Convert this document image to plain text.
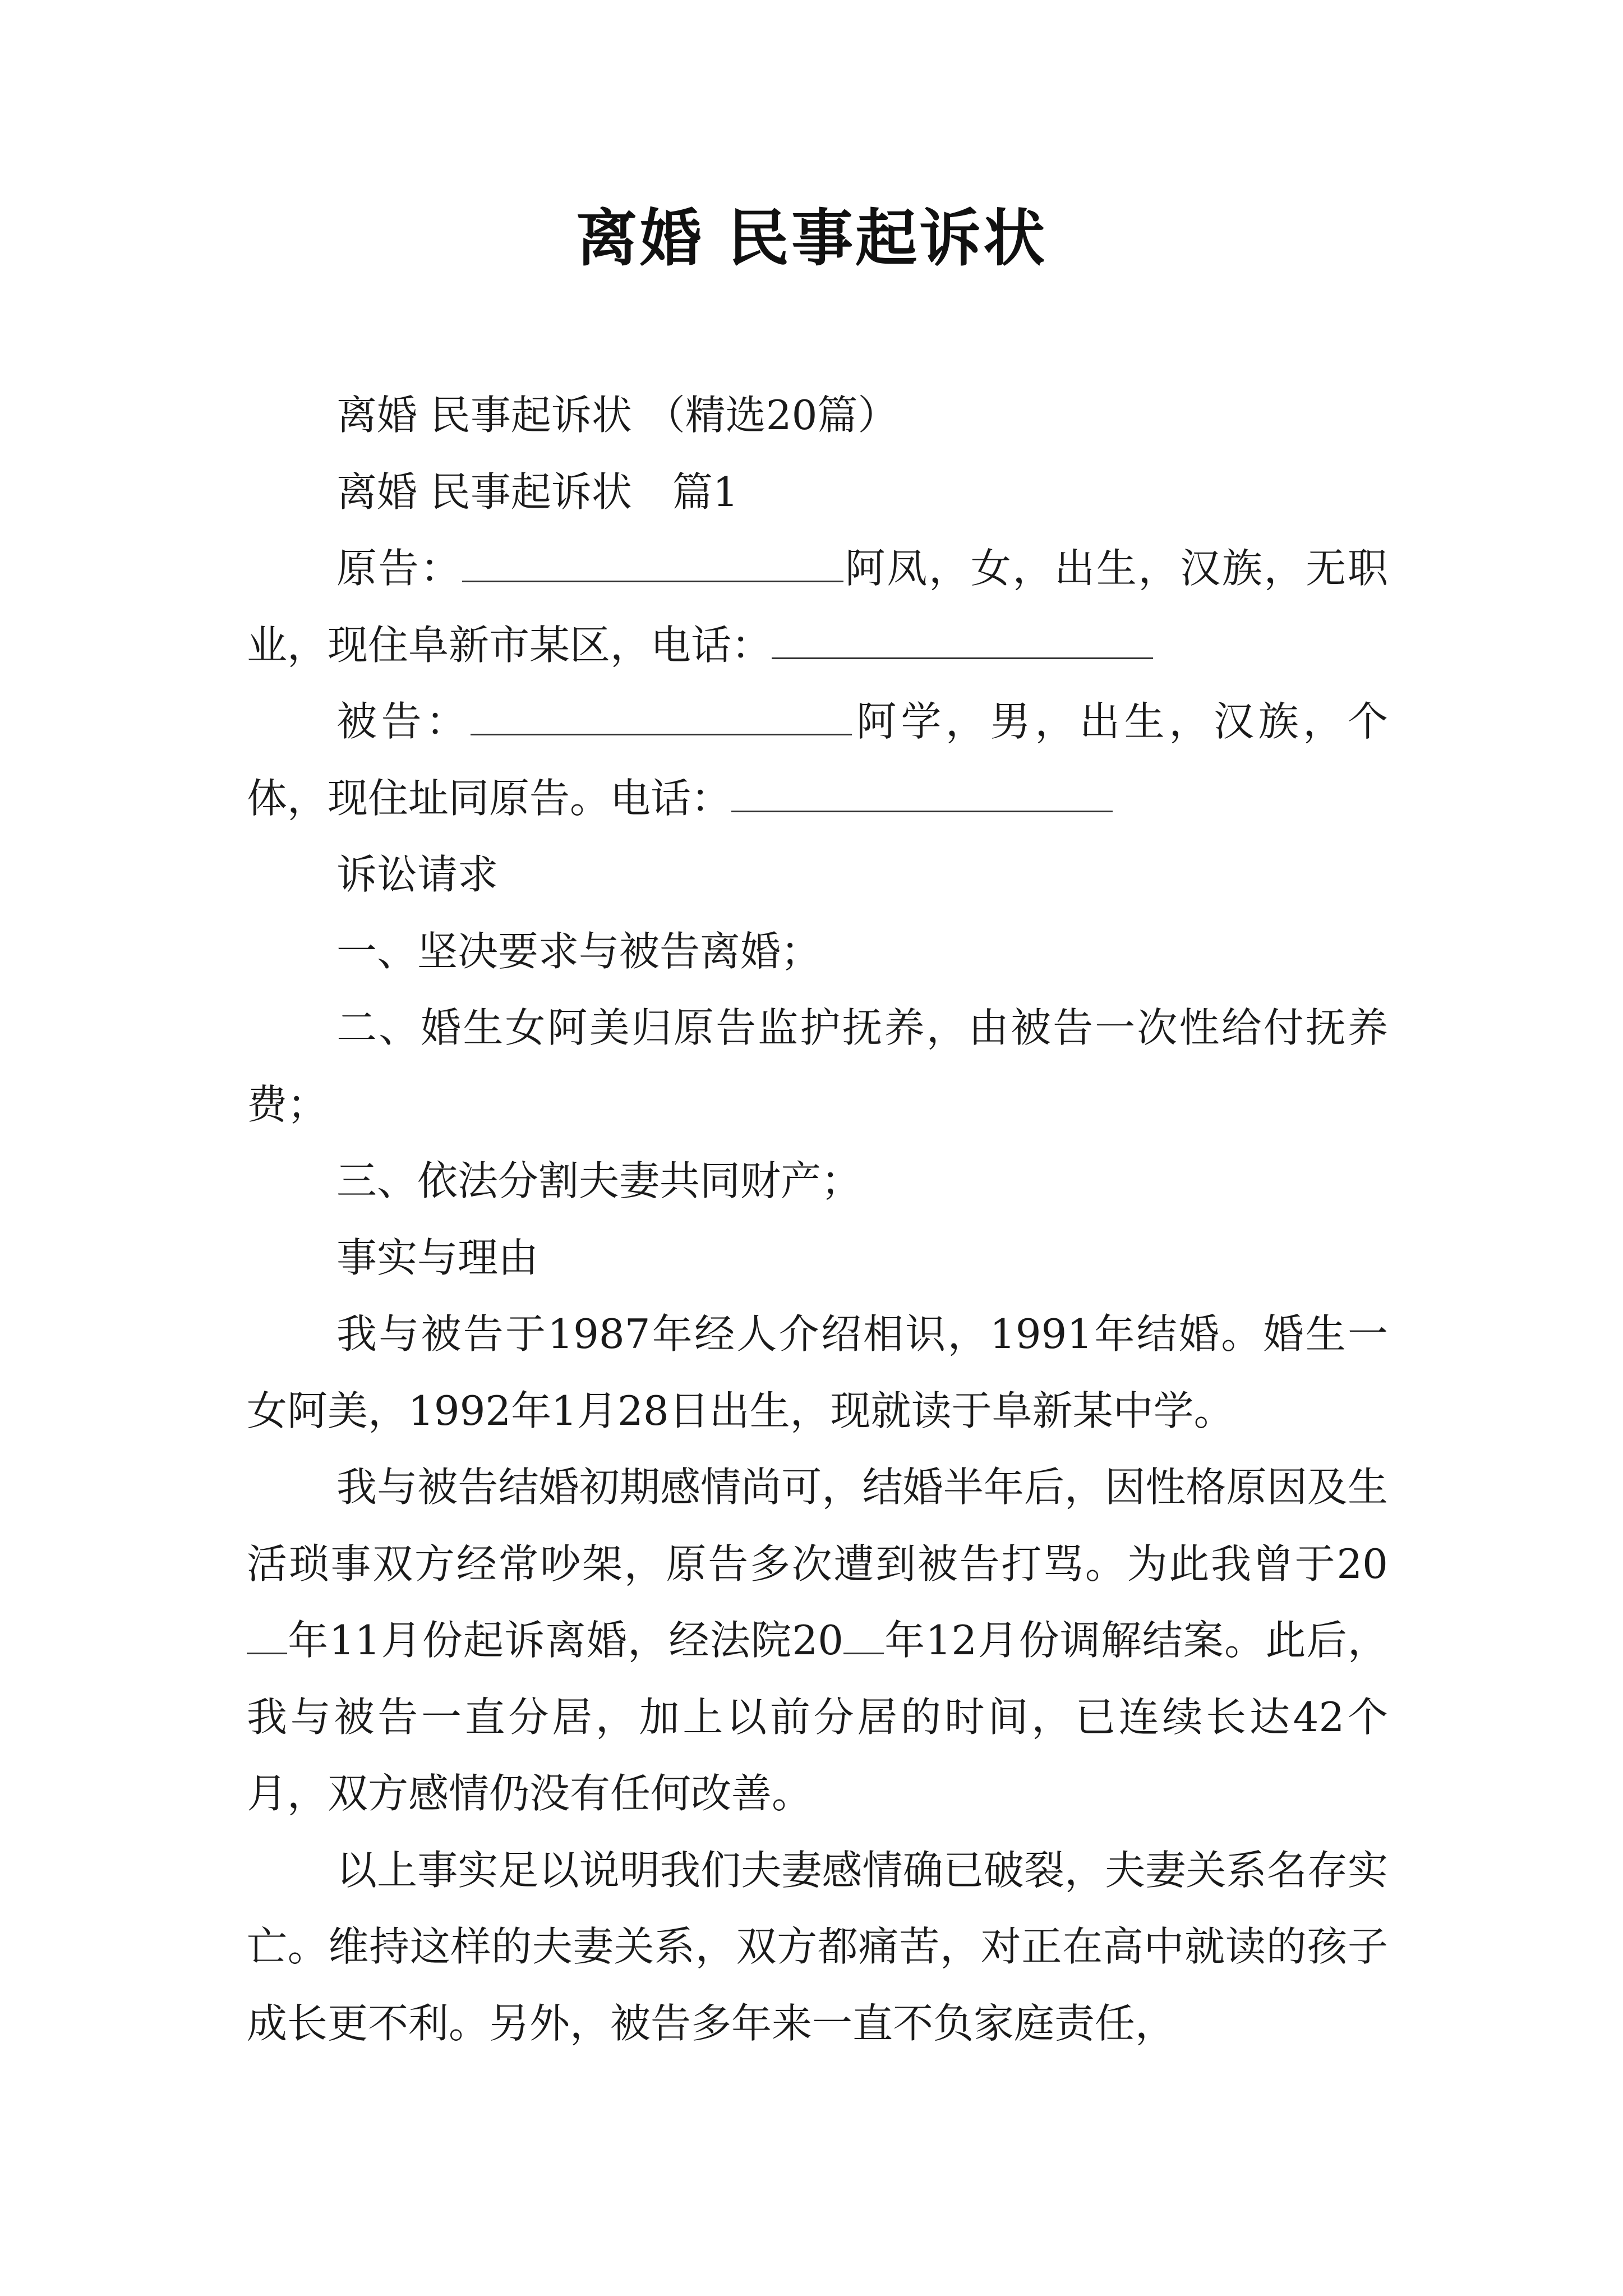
离婚 民事起诉状

离婚 民事起诉状 （精选20篇）

离婚 民事起诉状　篇1

原告：	阿凤，女，出生，汉族，无职业，现住阜新市某区，电话：

被告：	阿学，男，出生，汉族，个体，现住址同原告。电话：

诉讼请求

一、坚决要求与被告离婚；

二、婚生女阿美归原告监护抚养，由被告一次性给付抚养费；

三、依法分割夫妻共同财产；

事实与理由

我与被告于1987年经人介绍相识，1991年结婚。婚生一女阿美，1992年1月28日出生，现就读于阜新某中学。

我与被告结婚初期感情尚可，结婚半年后，因性格原因及生活琐事双方经常吵架，原告多次遭到被告打骂。为此我曾于20年11月份起诉离婚，经法院20 年12月份调解结案。此后，我与被告一直分居，加上以前分居的时间，已连续长达42个月，双方感情仍没有任何改善。

以上事实足以说明我们夫妻感情确已破裂，夫妻关系名存实亡。维持这样的夫妻关系，双方都痛苦，对正在高中就读的孩子成长更不利。另外，被告多年来一直不负家庭责任，
